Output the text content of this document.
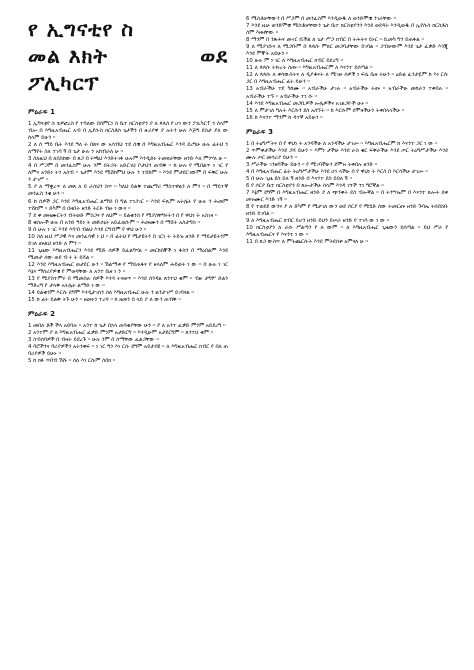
የ ኢግናቲየ ስ
መል እክት	ወደ
ፖሊካርፕ
ምዕራፍ 1

1 ኢግናቲየ ስ ቴዎፎረስ የ ተባለው በሰምርነ ስ ቤተ ክርስቲያን ያ ለ ጳጳስ የ ሆነ ውን ፖሊካርፕ ን ሰላም ብሎ በ እግዚአብሔር አብ በ ኢየሱስ ክርስቶስ ጌታችን በ ዙሪያዋ ያ ሉትን ሁሉ እጅግ ደስታ ያለ ው ሰላም ይሁን ።

2 ለ ሰ ማይ ቤት እንደ ዓለ ት በጸና ው አሳብህ ተደ ስቼ በ እግዚአብሔር እንዳ ደረግሁ ሁሉ ፊትህ ን ለማየት ስለ ተገባ ኝ በ ጌታ ሁሉ ን አከብራለ ሁ ።

3 ስለዚህ በ ለበስከው በ ጸጋ በ ሩጫህ እንድትገፋ ሁሉም እንዲድኑ ትመክራቸው ዘንድ እለ ምንሃለ ሁ ።

4 በ ሥጋም በ መንፈስም ሁሉ ንም በትጋት አድርገህ ቦታህን ጠብቅ ። ከ ሁሉ የ ሚበልጥ ነ ገር የ ለምና አንድነ ትን አስብ ። ጌታም እንደ ሚሸከምህ ሁሉ ን ተሸከም ። እንደ ምታደርገውም በ ፍቅር ሁሉ ን ታገሥ ።

5 ያ ለ ማቋረጥ ለ መጸ ለ ይ ራስህን ስጥ ። ካለህ ይልቅ ተጨማሪ ማስተዋልን ለ ምን ። በ ማይተኛ መንፈስ ንቁ ሁን ።

6 ከ ሰዎች ጋር እንደ እግዚአብሔር ልማድ በ ግል ተነጋገር ። እንደ ፍጹም አትሌት የ ሁሉ ን ሕመም ተሸከም ። ድካም በ በዛበት ዘንድ ትርፉ ብዙ ነ ውና ።

7 ደ ቀ መዛሙርትን ብትወድ ምስጋና የ ለህም ። ይልቁንስ የ ሚያስቸግሩትን በ የ ዋህነ ት አስገዛ ።

8 ቁስሎች ሁሉ በ አንድ ዓይነ ት መድኃኒት አይፈወሱም ። ሕመሙን በ ማሸት አስታግስ ።

9 በ ሁሉ ነ ገር እንደ እባብ ብልህ እንደ ርግብም የ ዋህ ሁን ።

10 ስለ ዚህ ሥጋዊ እና መንፈሳዊ ነ ህ ። በ ፊትህ የ ሚታዩትን በ ገርነ ት ትይዝ ዘንድ የ ማይታዩትንም ይገለ ጡልህ ዘንድ ለ ምን ።

11 ጊዜው እግዚአብሔርን እንደ ሚሹ ሰዎች ይፈልግሃል ። መርከበኞች ነ ፋስን በ ማዕበልም እንደ ሚመታ ሰው ወደ ብ ሩ ት ይሻል ።

12 እንደ እግዚአብሔር ወታደር ሁን ። ሽልማቱ የ ማይጠፋና የ ዘላለም ሕይወት ነ ው ። በ ሁሉ ነ ገር እኔና ማሰሪያዎቼ የ ምወዳቸው ለ አንተ ቤዛ ነ ን ።

13 የ ሚያስተምሩ በ ሚመስሉ ሰዎች እንዳ ትናወጥ ። እንደ ሰንዳል ጸንተህ ቁም ። ብዙ ታግሦ ድልን ማድረግ የ ታላቅ አትሌት ልማድ ነ ው ።

14 ይልቁንም እርሱ ደግሞ እንዲታገሰን ስለ እግዚአብሔር ሁሉ ን ልንታገሥ ይገባናል ።

15 ከ ፊት ይልቅ ትጉ ሁን ። ዘመኑን ተረዳ ። ከ ዘመን በ ላይ ያ ለ ውን ጠብቅ ።

ምዕራፍ 2

1 መበለ ቶች ችላ አይባሉ ። አንተ ከ ጌታ በኋላ ጠባቂያቸው ሁን ። ያ ለ አንተ ፈቃድ ምንም አይደረግ ።

2 አንተም ያ ለ እግዚአብሔር ፈቃድ ምንም አታድርግ ። እንዲሁም አታደርግም ። ጸንተህ ቁም ።

3 ስብሰባዎች በ ብዛት ይደረጉ ። ሁሉ ንም በ ስማቸው ፈልጋቸው ።

4 ባሮችንና ባሪያዎችን አትንቀፍ ። ነ ገር ግን እነ ርሱ ደግሞ አይታበዩ ። ለ እግዚአብሔር ክብር የ በለ ጠ ባሪያዎች ይሁኑ ።

5 ከ ክፉ ጥበብ ሽሹ ። ስለ እነ ርሱም ስበክ ።

6 ሚስቶቻቸውን በ ሥጋም በ መንፈስም እንዲወዱ ለ ወንድሞቼ ንገራቸው ።

7 እንደ ዚሁ ወንድሞቼ ሚስቶቻቸውን ጌታ ቤተ ክርስቲያንን እንደ ወደዳት እንዲወዱ በ ኢየሱስ ክርስቶስ ስም እዘዛቸው ።

8 ማንም በ ንጽሕና መኖር ቢችል ለ ጌታ ሥጋ ክብር በ ትሕትና ይኑር ። ቢመካ ግን ይጠፋል ።

9 ለ ሚያገቡና ለ ሚጋቡም በ ጳጳሱ ምክር መጋባታቸው ይገባል ። ጋብቻውም እንደ ጌታ ፈቃድ እንጂ እንደ ምኞት አይሁን ።

10 ሁሉ ም ነ ገር ለ እግዚአብሔር ክብር ይደረግ ።

11 ለ ጳጳሱ ትኩረት ስጡ ። እግዚአብሔርም ለ እናንተ ይሰጣል ።

12 ለ ጳጳሱ ለ ቀሳውስትና ለ ዲያቆናት ለ ሚገዙ ሰዎች ነ ፍሴ ቤዛ ትሁን ። ዕድል ፈንታዬም ከ እነ ርሱ ጋር በ እግዚአብሔር ፊት ይሁን ።

13 አብራችሁ ተደ ካከሙ ። አብራችሁ ታገሉ ። አብራችሁ ሩጡ ። አብራችሁ መከራን ተቀበሉ ። አብራችሁ ተኙ ። አብራችሁ ተነ ሱ ።

14 እንደ እግዚአብሔር መጋቢዎች ሎሌዎችና አገልጋዮች ሁኑ ።

15 ለ ምታገለ ግሉት እርሱን ደስ አሰኙት ። ከ እርሱም ደሞዛችሁን ትቀበላላችሁ ።

16 ከ እናንተ ማንም ከ ዳተኛ አይሁን ።

ምዕራፍ 3

1 በ ትዕግሥትና በ የ ዋህነ ት አንዳችሁ ለ አንዳችሁ ታገሡ ። እግዚአብሔርም ከ እናንተ ጋር ነ ው ።

2 ጥምቀታችሁ እንደ ጋሻ ይሁን ። እምነ ታችሁ እንደ ራስ ቁር ፍቅራችሁ እንደ ጦር ትዕግሥታችሁ እንደ ሙሉ ጦር መሳሪያ ይሁን ።

3 ሥራችሁ ገንዘባችሁ ይሁን ። የ ሚገባችሁን ደሞዝ ትቀበሉ ዘንድ ።

4 በ እግዚአብሔር ፊት ትዕግሥታችሁ እንደ ሆነ ላችሁ በ የ ዋህነ ት እርስ በ እርሳችሁ ታገሡ ።

5 በ ሁሉ ጊዜ ደስ ይለ ኝ ዘንድ በ እናንተ ደስ ይበለ ኝ ።

6 የ ሶርያ ቤተ ክርስቲያን በ ጸሎታችሁ ሰላም እንዳ ገኘች ተነ ግሮኛል ።

7 እኔም ደግሞ በ እግዚአብሔር ዘንድ ያ ለ ጭንቀት ደስ ብሎኛል ። በ ትንሣኤም በ እናንተ ጸሎት ደቀ መዝሙር እንድ ገኝ ።

8 የ ተወደደ ውንና ያ ለ ድካም የ ሚታገለ ውን ወደ ሶርያ የ ሚሄድ ሰው ትመርጡ ዘንድ ጉባኤ ትሰበስቡ ዘንድ ይገባል ።

9 ለ እግዚአብሔር ክብር ይሆን ዘንድ ይህን ይሠራ ዘንድ የ ተገባ ው ነ ው ።

10 ክርስቲያን ለ ራሱ ሥልጣን የ ለ ውም ። ለ እግዚአብሔር ጊዜውን ይሰጣል ። ይህ ሥራ የ እግዚአብሔርና የ እናንተ ነ ው ።

11 በ ጸጋ ውስጥ ለ ምትጨርሱት እንደ ምትደሰቱ አምናለ ሁ ።
